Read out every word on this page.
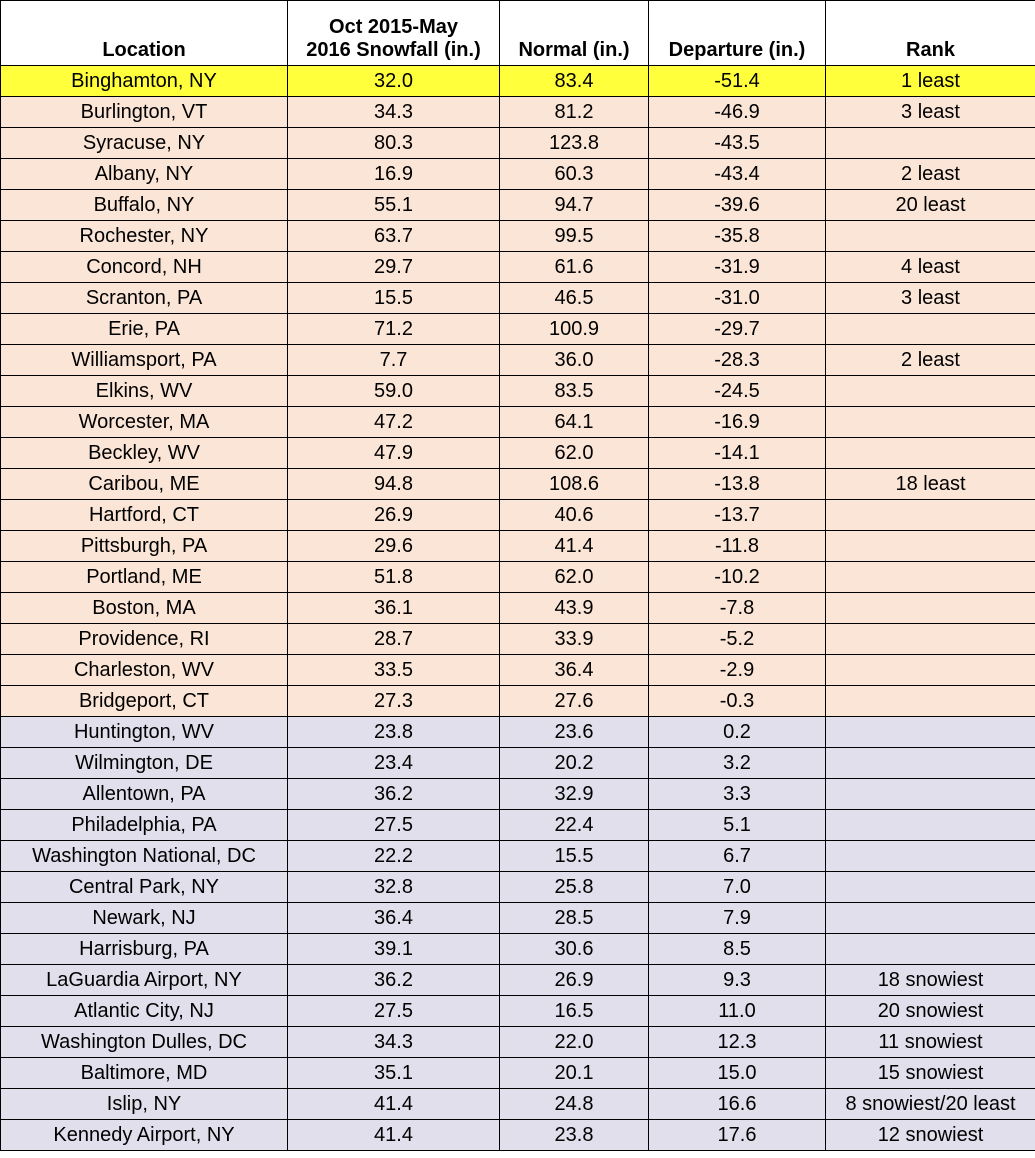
Location	Oct 2015-May
2016 Snowfall (in.)	Normal (in.)	Departure (in.)	Rank
Binghamton, NY	32.0	83.4	-51.4	1 least
Burlington, VT	34.3	81.2	-46.9	3 least
Syracuse, NY	80.3	123.8	-43.5	
Albany, NY	16.9	60.3	-43.4	2 least
Buffalo, NY	55.1	94.7	-39.6	20 least
Rochester, NY	63.7	99.5	-35.8	
Concord, NH	29.7	61.6	-31.9	4 least
Scranton, PA	15.5	46.5	-31.0	3 least
Erie, PA	71.2	100.9	-29.7	
Williamsport, PA	7.7	36.0	-28.3	2 least
Elkins, WV	59.0	83.5	-24.5	
Worcester, MA	47.2	64.1	-16.9	
Beckley, WV	47.9	62.0	-14.1	
Caribou, ME	94.8	108.6	-13.8	18 least
Hartford, CT	26.9	40.6	-13.7	
Pittsburgh, PA	29.6	41.4	-11.8	
Portland, ME	51.8	62.0	-10.2	
Boston, MA	36.1	43.9	-7.8	
Providence, RI	28.7	33.9	-5.2	
Charleston, WV	33.5	36.4	-2.9	
Bridgeport, CT	27.3	27.6	-0.3	
Huntington, WV	23.8	23.6	0.2	
Wilmington, DE	23.4	20.2	3.2	
Allentown, PA	36.2	32.9	3.3	
Philadelphia, PA	27.5	22.4	5.1	
Washington National, DC	22.2	15.5	6.7	
Central Park, NY	32.8	25.8	7.0	
Newark, NJ	36.4	28.5	7.9	
Harrisburg, PA	39.1	30.6	8.5	
LaGuardia Airport, NY	36.2	26.9	9.3	18 snowiest
Atlantic City, NJ	27.5	16.5	11.0	20 snowiest
Washington Dulles, DC	34.3	22.0	12.3	11 snowiest
Baltimore, MD	35.1	20.1	15.0	15 snowiest
Islip, NY	41.4	24.8	16.6	8 snowiest/20 least
Kennedy Airport, NY	41.4	23.8	17.6	12 snowiest
